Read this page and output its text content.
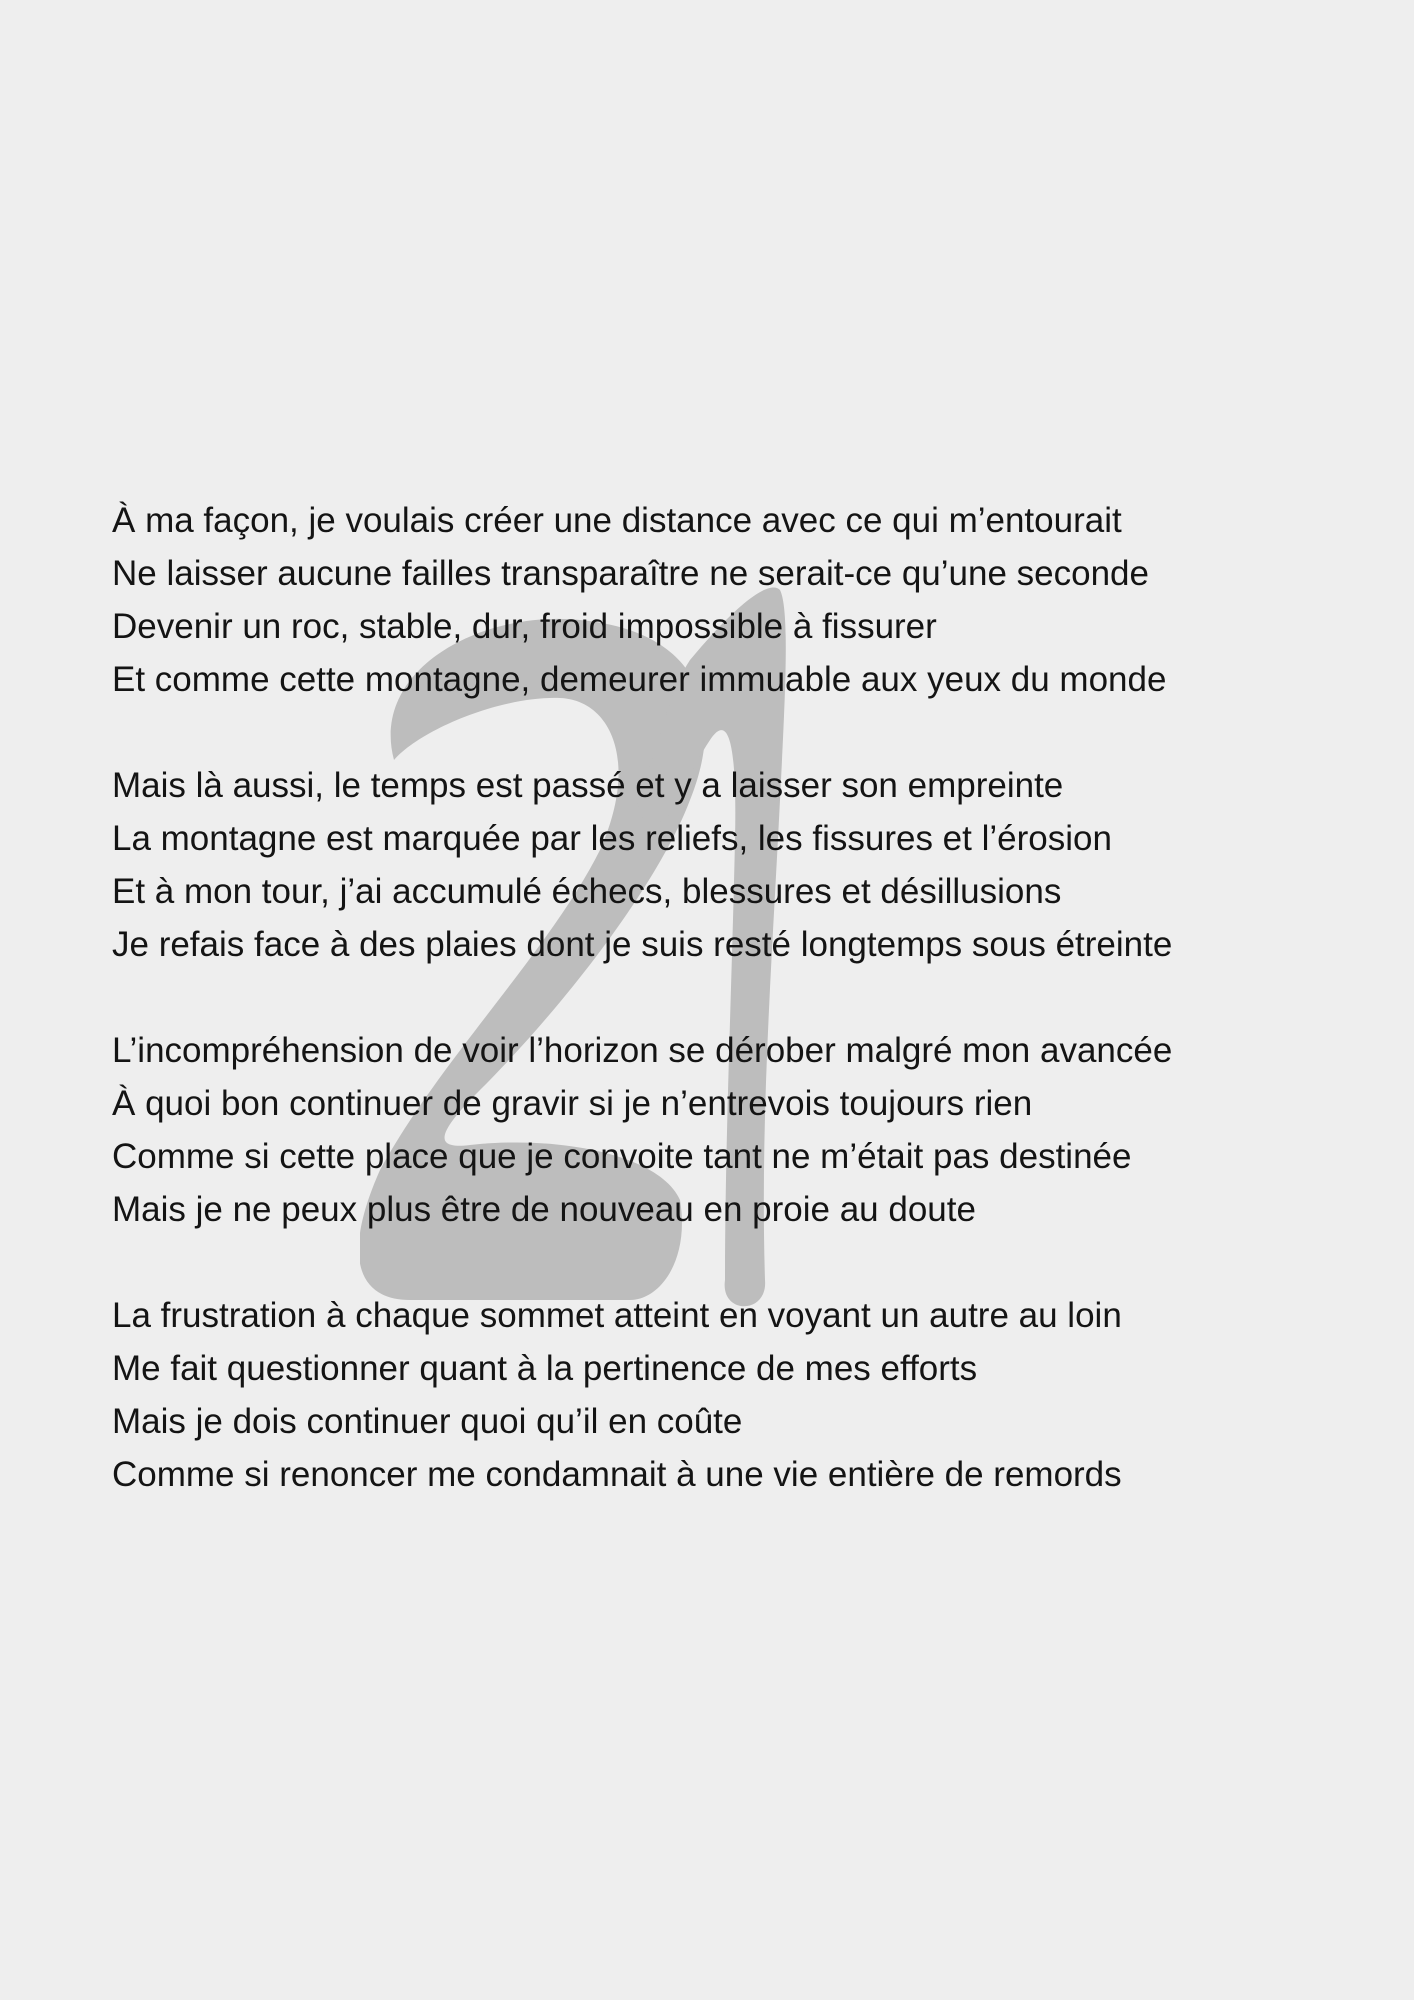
À ma façon, je voulais créer une distance avec ce qui m’entourait
Ne laisser aucune failles transparaître ne serait-ce qu’une seconde
Devenir un roc, stable, dur, froid impossible à fissurer
Et comme cette montagne, demeurer immuable aux yeux du monde
Mais là aussi, le temps est passé et y a laisser son empreinte
La montagne est marquée par les reliefs, les fissures et l’érosion
Et à mon tour, j’ai accumulé échecs, blessures et désillusions
Je refais face à des plaies dont je suis resté longtemps sous étreinte
L’incompréhension de voir l’horizon se dérober malgré mon avancée
À quoi bon continuer de gravir si je n’entrevois toujours rien
Comme si cette place que je convoite tant ne m’était pas destinée
Mais je ne peux plus être de nouveau en proie au doute
La frustration à chaque sommet atteint en voyant un autre au loin
Me fait questionner quant à la pertinence de mes efforts
Mais je dois continuer quoi qu’il en coûte
Comme si renoncer me condamnait à une vie entière de remords
